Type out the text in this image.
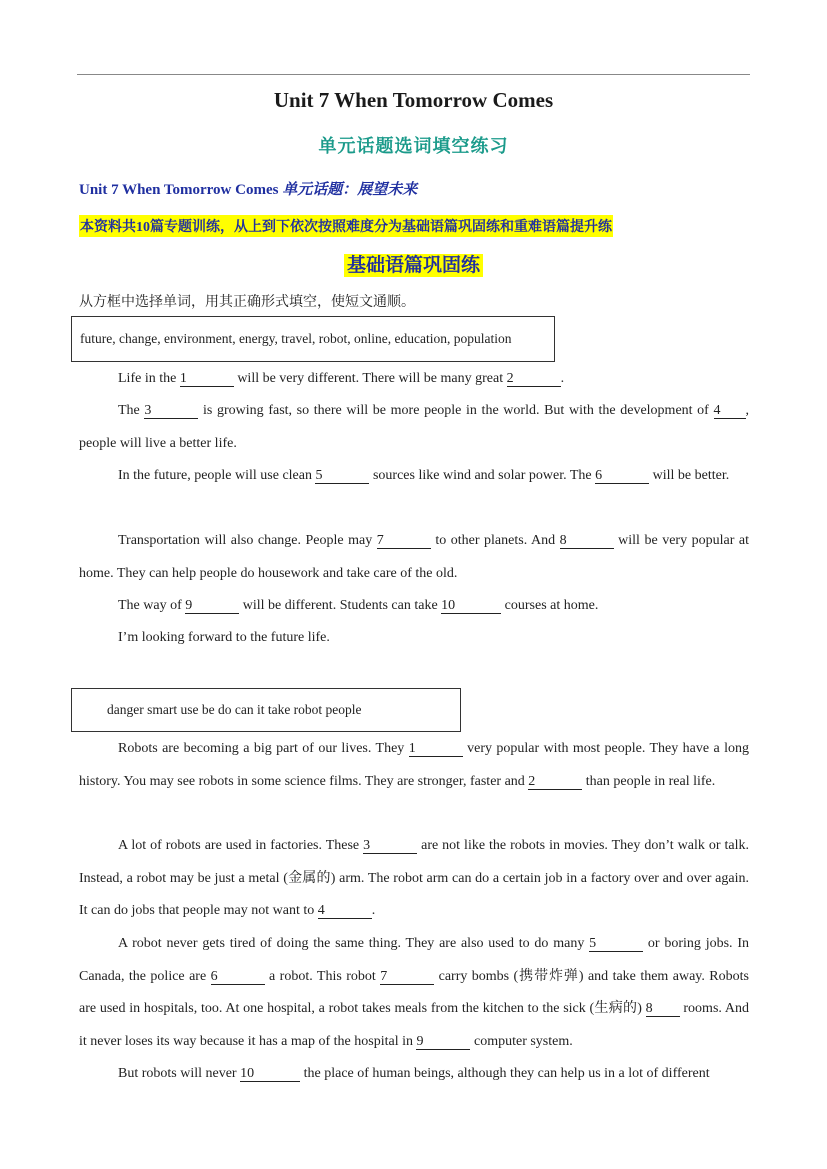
Unit 7 When Tomorrow Comes
单元话题选词填空练习
Unit 7 When Tomorrow Comes 单元话题：展望未来
本资料共10篇专题训练，从上到下依次按照难度分为基础语篇巩固练和重难语篇提升练
基础语篇巩固练
从方框中选择单词，用其正确形式填空，使短文通顺。
future, change, environment, energy, travel, robot, online, education, population
Life in the 1	will be very different. There will be many great 2	.
The 3	is growing fast, so there will be more people in the world. But with the development of 4 , people will live a better life.
In the future, people will use clean 5	sources like wind and solar power. The 6	will be better.
Transportation will also change. People may 7	to other planets. And 8	will be very popular at home. They can help people do housework and take care of the old.
The way of 9	will be different. Students can take 10	courses at home.
I’m looking forward to the future life.
danger smart use be do can it take robot people
Robots are becoming a big part of our lives. They 1	very popular with most people. They have a long history. You may see robots in some science films. They are stronger, faster and 2	than people in real life.
A lot of robots are used in factories. These 3	are not like the robots in movies. They don’t walk or talk. Instead, a robot may be just a metal (金属的) arm. The robot arm can do a certain job in a factory over and over again. It can do jobs that people may not want to 4	.
A robot never gets tired of doing the same thing. They are also used to do many 5	or boring jobs. In Canada, the police are 6	a robot. This robot 7	carry bombs (携带炸弹) and take them away. Robots are used in hospitals, too. At one hospital, a robot takes meals from the kitchen to the sick (生病的) 8 rooms. And it never loses its way because it has a map of the hospital in 9	computer system.
But robots will never 10	the place of human beings, although they can help us in a lot of different
